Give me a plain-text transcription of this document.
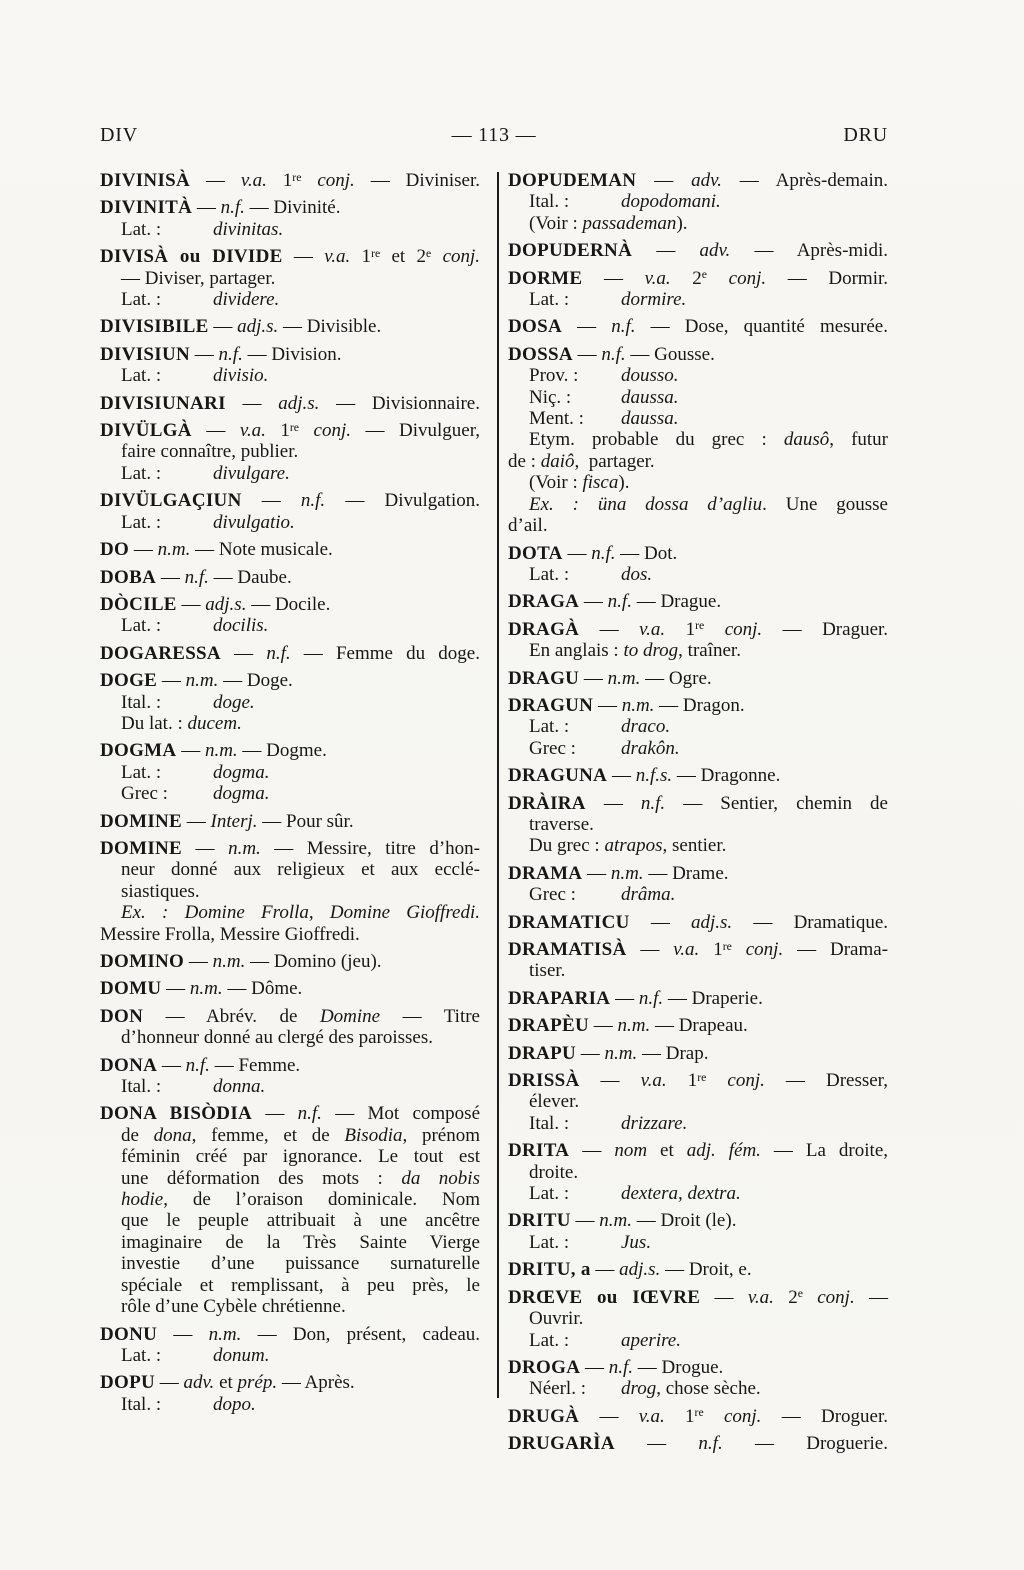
DIV	— 113 —	DRU
DIVINISÀ — v.a. 1re conj. — Diviniser.
DIVINITÀ — n.f. — Divinité.
Lat. :	divinitas.
DIVISÀ ou DIVIDE — v.a. 1re et 2e conj.
— Diviser, partager.
Lat. :	dividere.
DIVISIBILE — adj.s. — Divisible.
DIVISIUN — n.f. — Division.
Lat. :	divisio.
DIVISIUNARI — adj.s. — Divisionnaire.
DIVÜLGÀ — v.a. 1re conj. — Divulguer,
faire connaître, publier.
Lat. :	divulgare.
DIVÜLGAÇIUN — n.f. — Divulgation.
Lat. :	divulgatio.
DO — n.m. — Note musicale.
DOBA — n.f. — Daube.
DÒCILE — adj.s. — Docile.
Lat. :	docilis.
DOGARESSA — n.f. — Femme du doge.
DOGE — n.m. — Doge.
Ital. :	doge.
Du lat. : ducem.
DOGMA — n.m. — Dogme.
Lat. :	dogma.
Grec : dogma.
DOMINE — Interj. — Pour sûr.
DOMINE — n.m. — Messire, titre d’hon-
neur donné aux religieux et aux ecclé-
siastiques.
Ex. : Domine Frolla, Domine Gioffredi.
Messire Frolla, Messire Gioffredi.
DOMINO — n.m. — Domino (jeu).
DOMU — n.m. — Dôme.
DON — Abrév. de Domine — Titre
d’honneur donné au clergé des paroisses.
DONA — n.f. — Femme.
Ital. :	donna.
DONA BISÒDIA — n.f. — Mot composé
de dona, femme, et de Bisodia, prénom
féminin créé par ignorance. Le tout est
une déformation des mots : da nobis
hodie, de l’oraison dominicale. Nom
que le peuple attribuait à une ancêtre
imaginaire de la Très Sainte Vierge
investie d’une puissance surnaturelle
spéciale et remplissant, à peu près, le
rôle d’une Cybèle chrétienne.
DONU — n.m. — Don, présent, cadeau.
Lat. :	donum.
DOPU — adv. et prép. — Après.
Ital. :	dopo.
DOPUDEMAN — adv. — Après-demain.
Ital. :	dopodomani.
(Voir : passademan).
DOPUDERNÀ — adv. — Après-midi.
DORME — v.a. 2e conj. — Dormir.
Lat. :	dormire.
DOSA — n.f. — Dose, quantité mesurée.
DOSSA — n.f. — Gousse.
Prov. : dousso.
Niç. :	daussa.
Ment. : daussa.
Etym. probable du grec : dausô, futur
de : daiô, partager.
(Voir : fisca).
Ex. : üna dossa d’agliu. Une gousse
d’ail.
DOTA — n.f. — Dot.
Lat. :	dos.
DRAGA — n.f. — Drague.
DRAGÀ — v.a. 1re conj. — Draguer.
En anglais : to drog, traîner.
DRAGU — n.m. — Ogre.
DRAGUN — n.m. — Dragon.
Lat. :	draco.
Grec : drakôn.
DRAGUNA — n.f.s. — Dragonne.
DRÀIRA — n.f. — Sentier, chemin de
traverse.
Du grec : atrapos, sentier.
DRAMA — n.m. — Drame.
Grec : drâma.
DRAMATICU — adj.s. — Dramatique.
DRAMATISÀ — v.a. 1re conj. — Drama-
tiser.
DRAPARIA — n.f. — Draperie.
DRAPÈU — n.m. — Drapeau.
DRAPU — n.m. — Drap.
DRISSÀ — v.a. 1re conj. — Dresser,
élever.
Ital. :	drizzare.
DRITA — nom et adj. fém. — La droite,
droite.
Lat. :	dextera, dextra.
DRITU — n.m. — Droit (le).
Lat. :	Jus.
DRITU, a — adj.s. — Droit, e.
DRŒVE ou IŒVRE — v.a. 2e conj. —
Ouvrir.
Lat. :	aperire.
DROGA — n.f. — Drogue.
Néerl. : drog, chose sèche.
DRUGÀ — v.a. 1re conj. — Droguer.
DRUGARÌA — n.f. — Droguerie.
